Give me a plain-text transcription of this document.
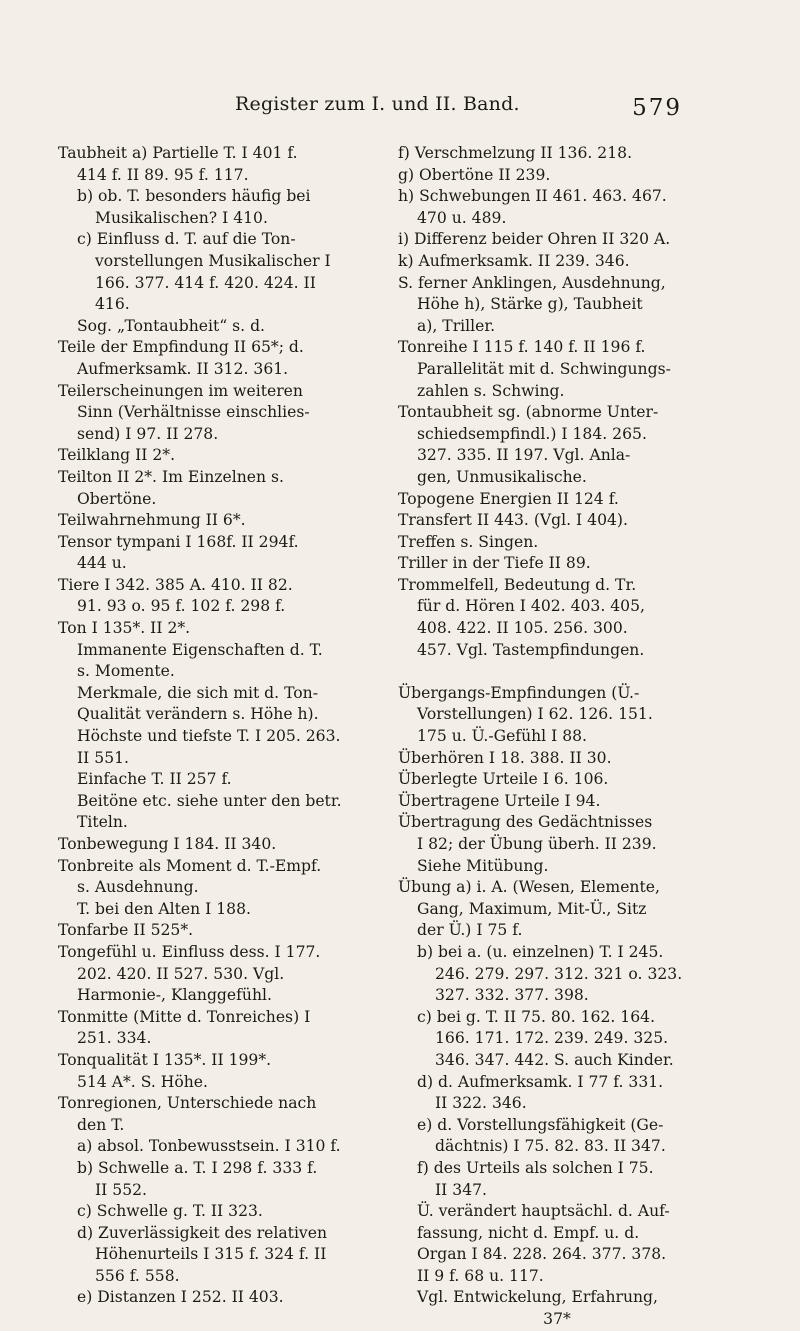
Register zum I. und II. Band.	579
Taubheit a) Partielle T. I 401 f.
414 f. II 89. 95 f. 117.
b) ob. T. besonders häufig bei
Musikalischen? I 410.
c) Einfluss d. T. auf die Ton-
vorstellungen Musikalischer I
166. 377. 414 f. 420. 424. II
416.
Sog. „Tontaubheit“ s. d.
Teile der Empfindung II 65*; d.
Aufmerksamk. II 312. 361.
Teilerscheinungen im weiteren
Sinn (Verhältnisse einschlies-
send) I 97. II 278.
Teilklang II 2*.
Teilton II 2*. Im Einzelnen s.
Obertöne.
Teilwahrnehmung II 6*.
Tensor tympani I 168f. II 294f.
444 u.
Tiere I 342. 385 A. 410. II 82.
91. 93 o. 95 f. 102 f. 298 f.
Ton I 135*. II 2*.
Immanente Eigenschaften d. T.
s. Momente.
Merkmale, die sich mit d. Ton-
Qualität verändern s. Höhe h).
Höchste und tiefste T. I 205. 263.
II 551.
Einfache T. II 257 f.
Beitöne etc. siehe unter den betr.
Titeln.
Tonbewegung I 184. II 340.
Tonbreite als Moment d. T.-Empf.
s. Ausdehnung.
T. bei den Alten I 188.
Tonfarbe II 525*.
Tongefühl u. Einfluss dess. I 177.
202. 420. II 527. 530. Vgl.
Harmonie-, Klanggefühl.
Tonmitte (Mitte d. Tonreiches) I
251. 334.
Tonqualität I 135*. II 199*.
514 A*. S. Höhe.
Tonregionen, Unterschiede nach
den T.
a) absol. Tonbewusstsein. I 310 f.
b) Schwelle a. T. I 298 f. 333 f.
II 552.
c) Schwelle g. T. II 323.
d) Zuverlässigkeit des relativen
Höhenurteils I 315 f. 324 f. II
556 f. 558.
e) Distanzen I 252. II 403.
f) Verschmelzung II 136. 218.
g) Obertöne II 239.
h) Schwebungen II 461. 463. 467.
470 u. 489.
i) Differenz beider Ohren II 320 A.
k) Aufmerksamk. II 239. 346.
S. ferner Anklingen, Ausdehnung,
Höhe h), Stärke g), Taubheit
a), Triller.
Tonreihe I 115 f. 140 f. II 196 f.
Parallelität mit d. Schwingungs-
zahlen s. Schwing.
Tontaubheit sg. (abnorme Unter-
schiedsempfindl.) I 184. 265.
327. 335. II 197. Vgl. Anla-
gen, Unmusikalische.
Topogene Energien II 124 f.
Transfert II 443. (Vgl. I 404).
Treffen s. Singen.
Triller in der Tiefe II 89.
Trommelfell, Bedeutung d. Tr.
für d. Hören I 402. 403. 405,
408. 422. II 105. 256. 300.
457. Vgl. Tastempfindungen.

Übergangs-Empfindungen (Ü.-
Vorstellungen) I 62. 126. 151.
175 u. Ü.-Gefühl I 88.
Überhören I 18. 388. II 30.
Überlegte Urteile I 6. 106.
Übertragene Urteile I 94.
Übertragung des Gedächtnisses
I 82; der Übung überh. II 239.
Siehe Mitübung.
Übung a) i. A. (Wesen, Elemente,
Gang, Maximum, Mit-Ü., Sitz
der Ü.) I 75 f.
b) bei a. (u. einzelnen) T. I 245.
246. 279. 297. 312. 321 o. 323.
327. 332. 377. 398.
c) bei g. T. II 75. 80. 162. 164.
166. 171. 172. 239. 249. 325.
346. 347. 442. S. auch Kinder.
d) d. Aufmerksamk. I 77 f. 331.
II 322. 346.
e) d. Vorstellungsfähigkeit (Ge-
dächtnis) I 75. 82. 83. II 347.
f) des Urteils als solchen I 75.
II 347.
Ü. verändert hauptsächl. d. Auf-
fassung, nicht d. Empf. u. d.
Organ I 84. 228. 264. 377. 378.
II 9 f. 68 u. 117.
Vgl. Entwickelung, Erfahrung,
37*
